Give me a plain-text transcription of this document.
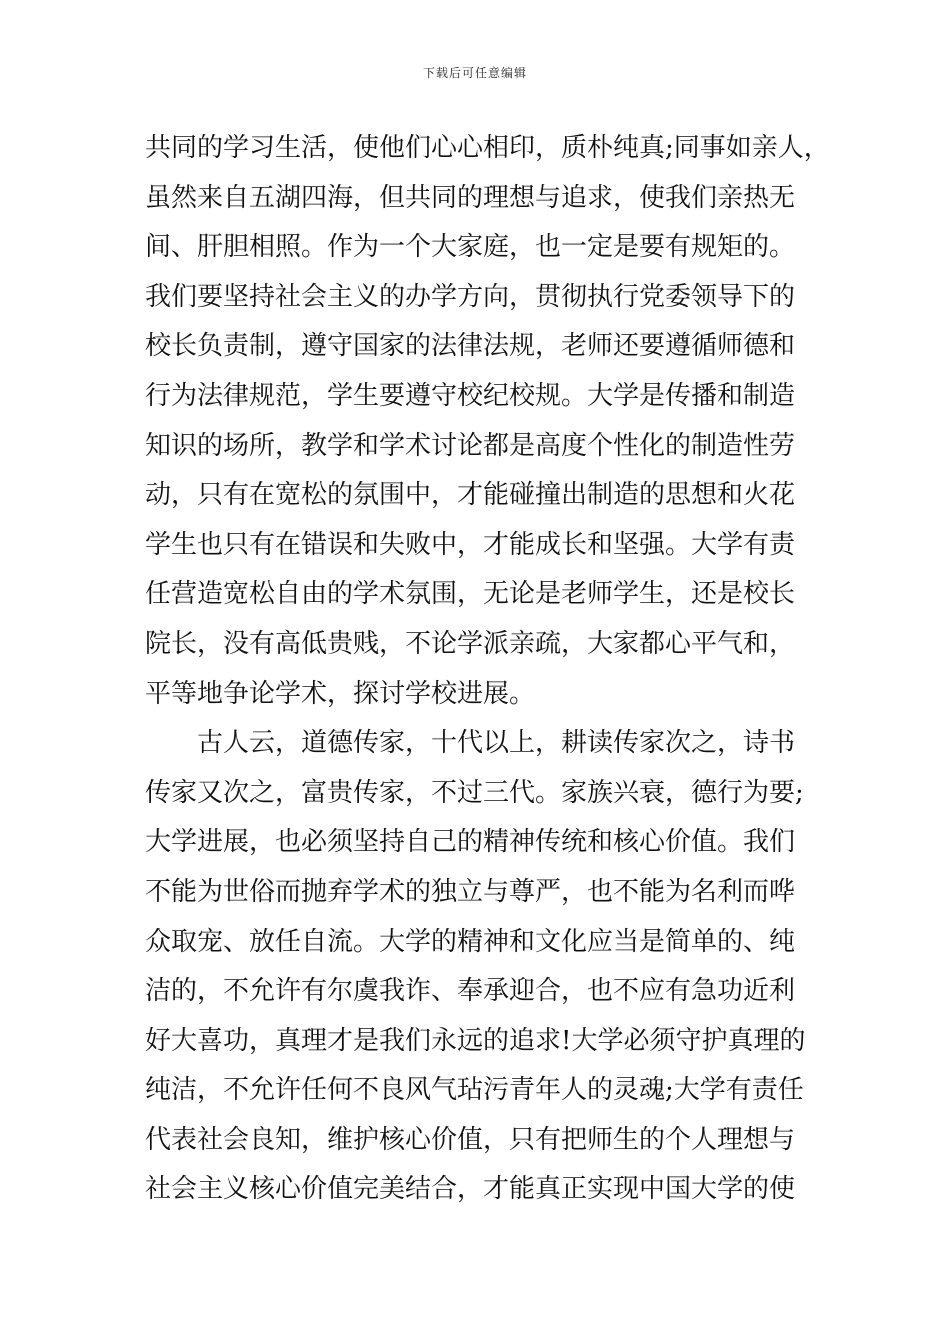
下载后可任意编辑
共同的学习生活，使他们心心相印，质朴纯真;同事如亲人，
虽然来自五湖四海，但共同的理想与追求，使我们亲热无
间、肝胆相照。作为一个大家庭，也一定是要有规矩的。
我们要坚持社会主义的办学方向，贯彻执行党委领导下的
校长负责制，遵守国家的法律法规，老师还要遵循师德和
行为法律规范，学生要遵守校纪校规。大学是传播和制造
知识的场所，教学和学术讨论都是高度个性化的制造性劳
动，只有在宽松的氛围中，才能碰撞出制造的思想和火花
学生也只有在错误和失败中，才能成长和坚强。大学有责
任营造宽松自由的学术氛围，无论是老师学生，还是校长
院长，没有高低贵贱，不论学派亲疏，大家都心平气和，
平等地争论学术，探讨学校进展。
　　古人云，道德传家，十代以上，耕读传家次之，诗书
传家又次之，富贵传家，不过三代。家族兴衰，德行为要;
大学进展，也必须坚持自己的精神传统和核心价值。我们
不能为世俗而抛弃学术的独立与尊严，也不能为名利而哗
众取宠、放任自流。大学的精神和文化应当是简单的、纯
洁的，不允许有尔虞我诈、奉承迎合，也不应有急功近利
好大喜功，真理才是我们永远的追求!大学必须守护真理的
纯洁，不允许任何不良风气玷污青年人的灵魂;大学有责任
代表社会良知，维护核心价值，只有把师生的个人理想与
社会主义核心价值完美结合，才能真正实现中国大学的使
